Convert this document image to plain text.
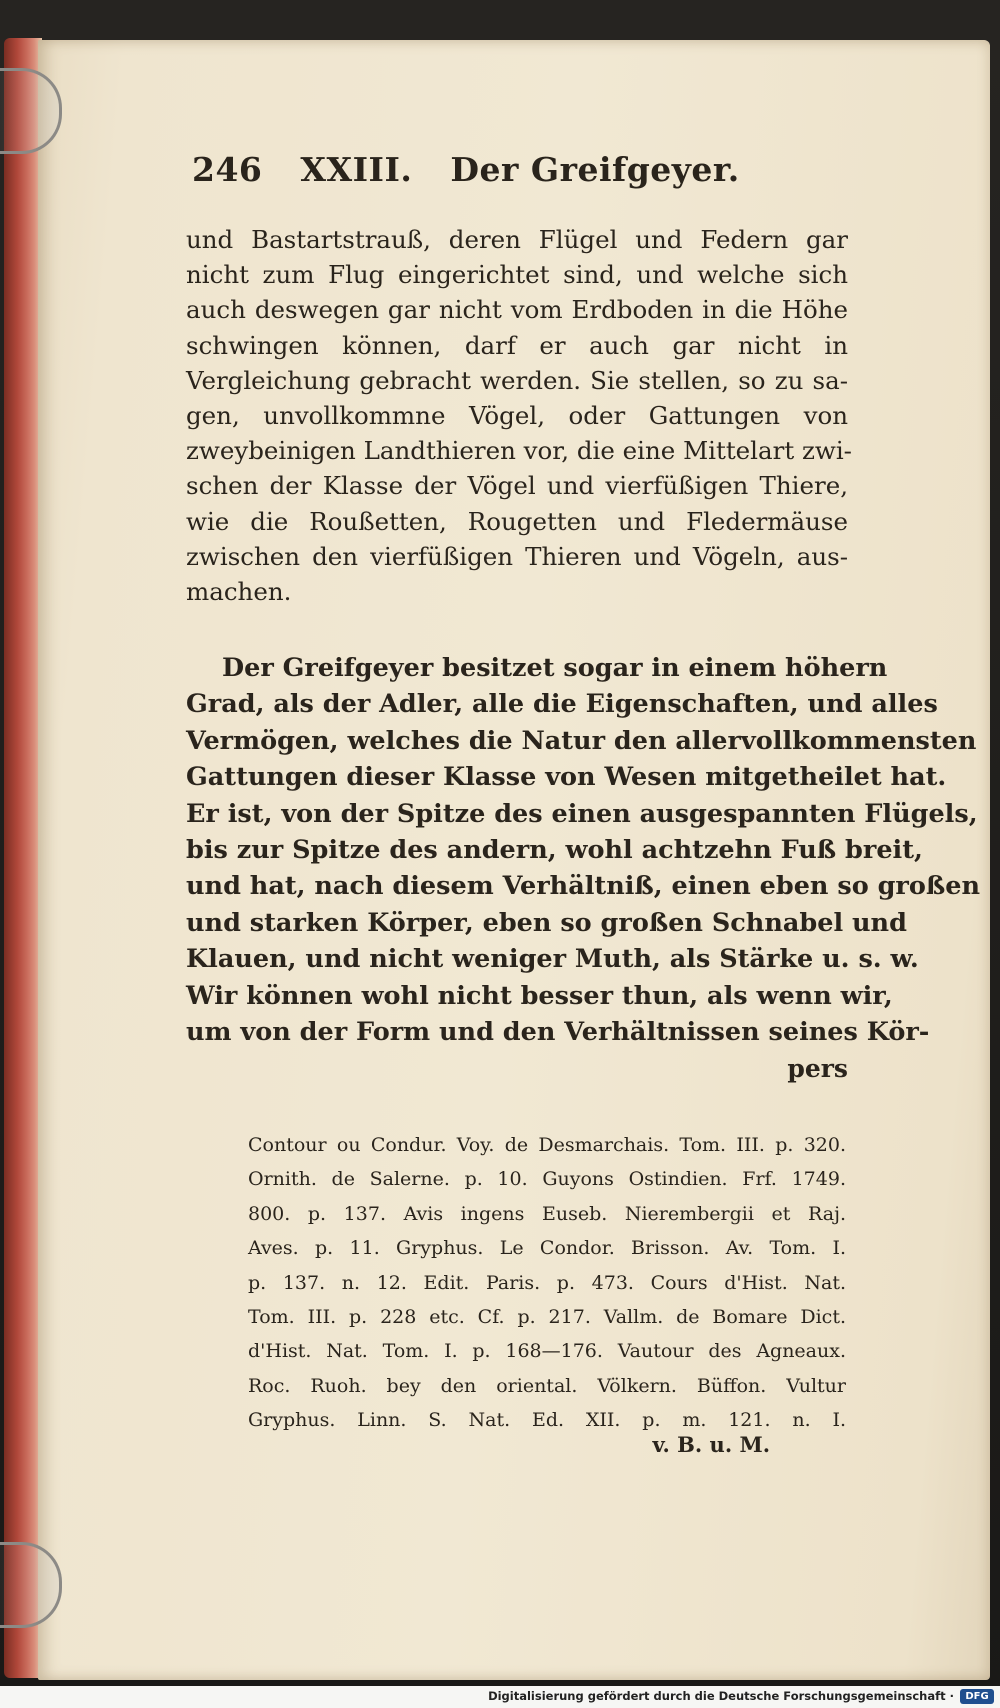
246 XXIII. Der Greifgeyer.
und Bastartstrauß, deren Flügel und Federn gar
nicht zum Flug eingerichtet sind, und welche sich
auch deswegen gar nicht vom Erdboden in die Höhe
schwingen können, darf er auch gar nicht in
Vergleichung gebracht werden. Sie stellen, so zu sa-
gen, unvollkommne Vögel, oder Gattungen von
zweybeinigen Landthieren vor, die eine Mittelart zwi-
schen der Klasse der Vögel und vierfüßigen Thiere,
wie die Roußetten, Rougetten und Fledermäuse
zwischen den vierfüßigen Thieren und Vögeln, aus-
machen.
Der Greifgeyer besitzet sogar in einem höhern
Grad, als der Adler, alle die Eigenschaften, und alles
Vermögen, welches die Natur den allervollkommensten
Gattungen dieser Klasse von Wesen mitgetheilet hat.
Er ist, von der Spitze des einen ausgespannten Flügels,
bis zur Spitze des andern, wohl achtzehn Fuß breit,
und hat, nach diesem Verhältniß, einen eben so großen
und starken Körper, eben so großen Schnabel und
Klauen, und nicht weniger Muth, als Stärke u. s. w.
Wir können wohl nicht besser thun, als wenn wir,
um von der Form und den Verhältnissen seines Kör-
pers
Contour ou Condur. Voy. de Desmarchais. Tom. III. p. 320.
Ornith. de Salerne. p. 10. Guyons Ostindien. Frf. 1749.
800. p. 137. Avis ingens Euseb. Nierembergii et Raj.
Aves. p. 11. Gryphus. Le Condor. Brisson. Av. Tom. I.
p. 137. n. 12. Edit. Paris. p. 473. Cours d'Hist. Nat.
Tom. III. p. 228 etc. Cf. p. 217. Vallm. de Bomare Dict.
d'Hist. Nat. Tom. I. p. 168—176. Vautour des Agneaux.
Roc. Ruoh. bey den oriental. Völkern. Büffon. Vultur
Gryphus. Linn. S. Nat. Ed. XII. p. m. 121. n. I.
v. B. u. M.
Digitalisierung gefördert durch die Deutsche Forschungsgemeinschaft ·	DFG
